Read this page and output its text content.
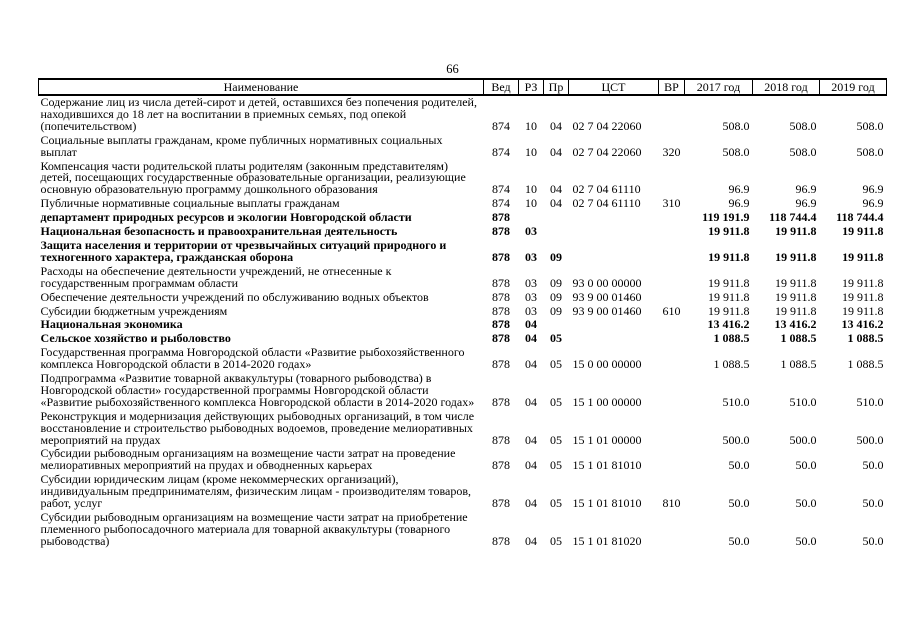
66
Наименование	Вед	РЗ	Пр	ЦСТ	ВР	2017 год	2018 год	2019 год
Содержание лиц из числа детей-сирот и детей, оставшихся без попечения родителей, находившихся до 18 лет на воспитании в приемных семьях, под опекой (попечительством)	874	10	04	02 7 04 22060		508.0	508.0	508.0
Социальные выплаты гражданам, кроме публичных нормативных социальных выплат	874	10	04	02 7 04 22060	320	508.0	508.0	508.0
Компенсация части родительской платы родителям (законным представителям) детей, посещающих государственные образовательные организации, реализующие основную образовательную программу дошкольного образования	874	10	04	02 7 04 61110		96.9	96.9	96.9
Публичные нормативные социальные выплаты гражданам	874	10	04	02 7 04 61110	310	96.9	96.9	96.9
департамент природных ресурсов и экологии Новгородской области	878					119 191.9	118 744.4	118 744.4
Национальная безопасность и правоохранительная деятельность	878	03				19 911.8	19 911.8	19 911.8
Защита населения и территории от чрезвычайных ситуаций природного и техногенного характера, гражданская оборона	878	03	09			19 911.8	19 911.8	19 911.8
Расходы на обеспечение деятельности учреждений, не отнесенные к государственным программам области	878	03	09	93 0 00 00000		19 911.8	19 911.8	19 911.8
Обеспечение деятельности учреждений по обслуживанию водных объектов	878	03	09	93 9 00 01460		19 911.8	19 911.8	19 911.8
Субсидии бюджетным учреждениям	878	03	09	93 9 00 01460	610	19 911.8	19 911.8	19 911.8
Национальная экономика	878	04				13 416.2	13 416.2	13 416.2
Сельское хозяйство и рыболовство	878	04	05			1 088.5	1 088.5	1 088.5
Государственная программа Новгородской области «Развитие рыбохозяйственного комплекса Новгородской области в 2014-2020 годах»	878	04	05	15 0 00 00000		1 088.5	1 088.5	1 088.5
Подпрограмма «Развитие товарной аквакультуры (товарного рыбоводства) в Новгородской области» государственной программы Новгородской области «Развитие рыбохозяйственного комплекса Новгородской области в 2014-2020 годах»	878	04	05	15 1 00 00000		510.0	510.0	510.0
Реконструкция и модернизация действующих рыбоводных организаций, в том числе восстановление и строительство рыбоводных водоемов, проведение мелиоративных мероприятий на прудах	878	04	05	15 1 01 00000		500.0	500.0	500.0
Субсидии рыбоводным организациям на возмещение части затрат на проведение мелиоративных мероприятий на прудах и обводненных карьерах	878	04	05	15 1 01 81010		50.0	50.0	50.0
Субсидии юридическим лицам (кроме некоммерческих организаций), индивидуальным предпринимателям, физическим лицам - производителям товаров, работ, услуг	878	04	05	15 1 01 81010	810	50.0	50.0	50.0
Субсидии рыбоводным организациям на возмещение части затрат на приобретение племенного рыбопосадочного материала для товарной аквакультуры (товарного рыбоводства)	878	04	05	15 1 01 81020		50.0	50.0	50.0
